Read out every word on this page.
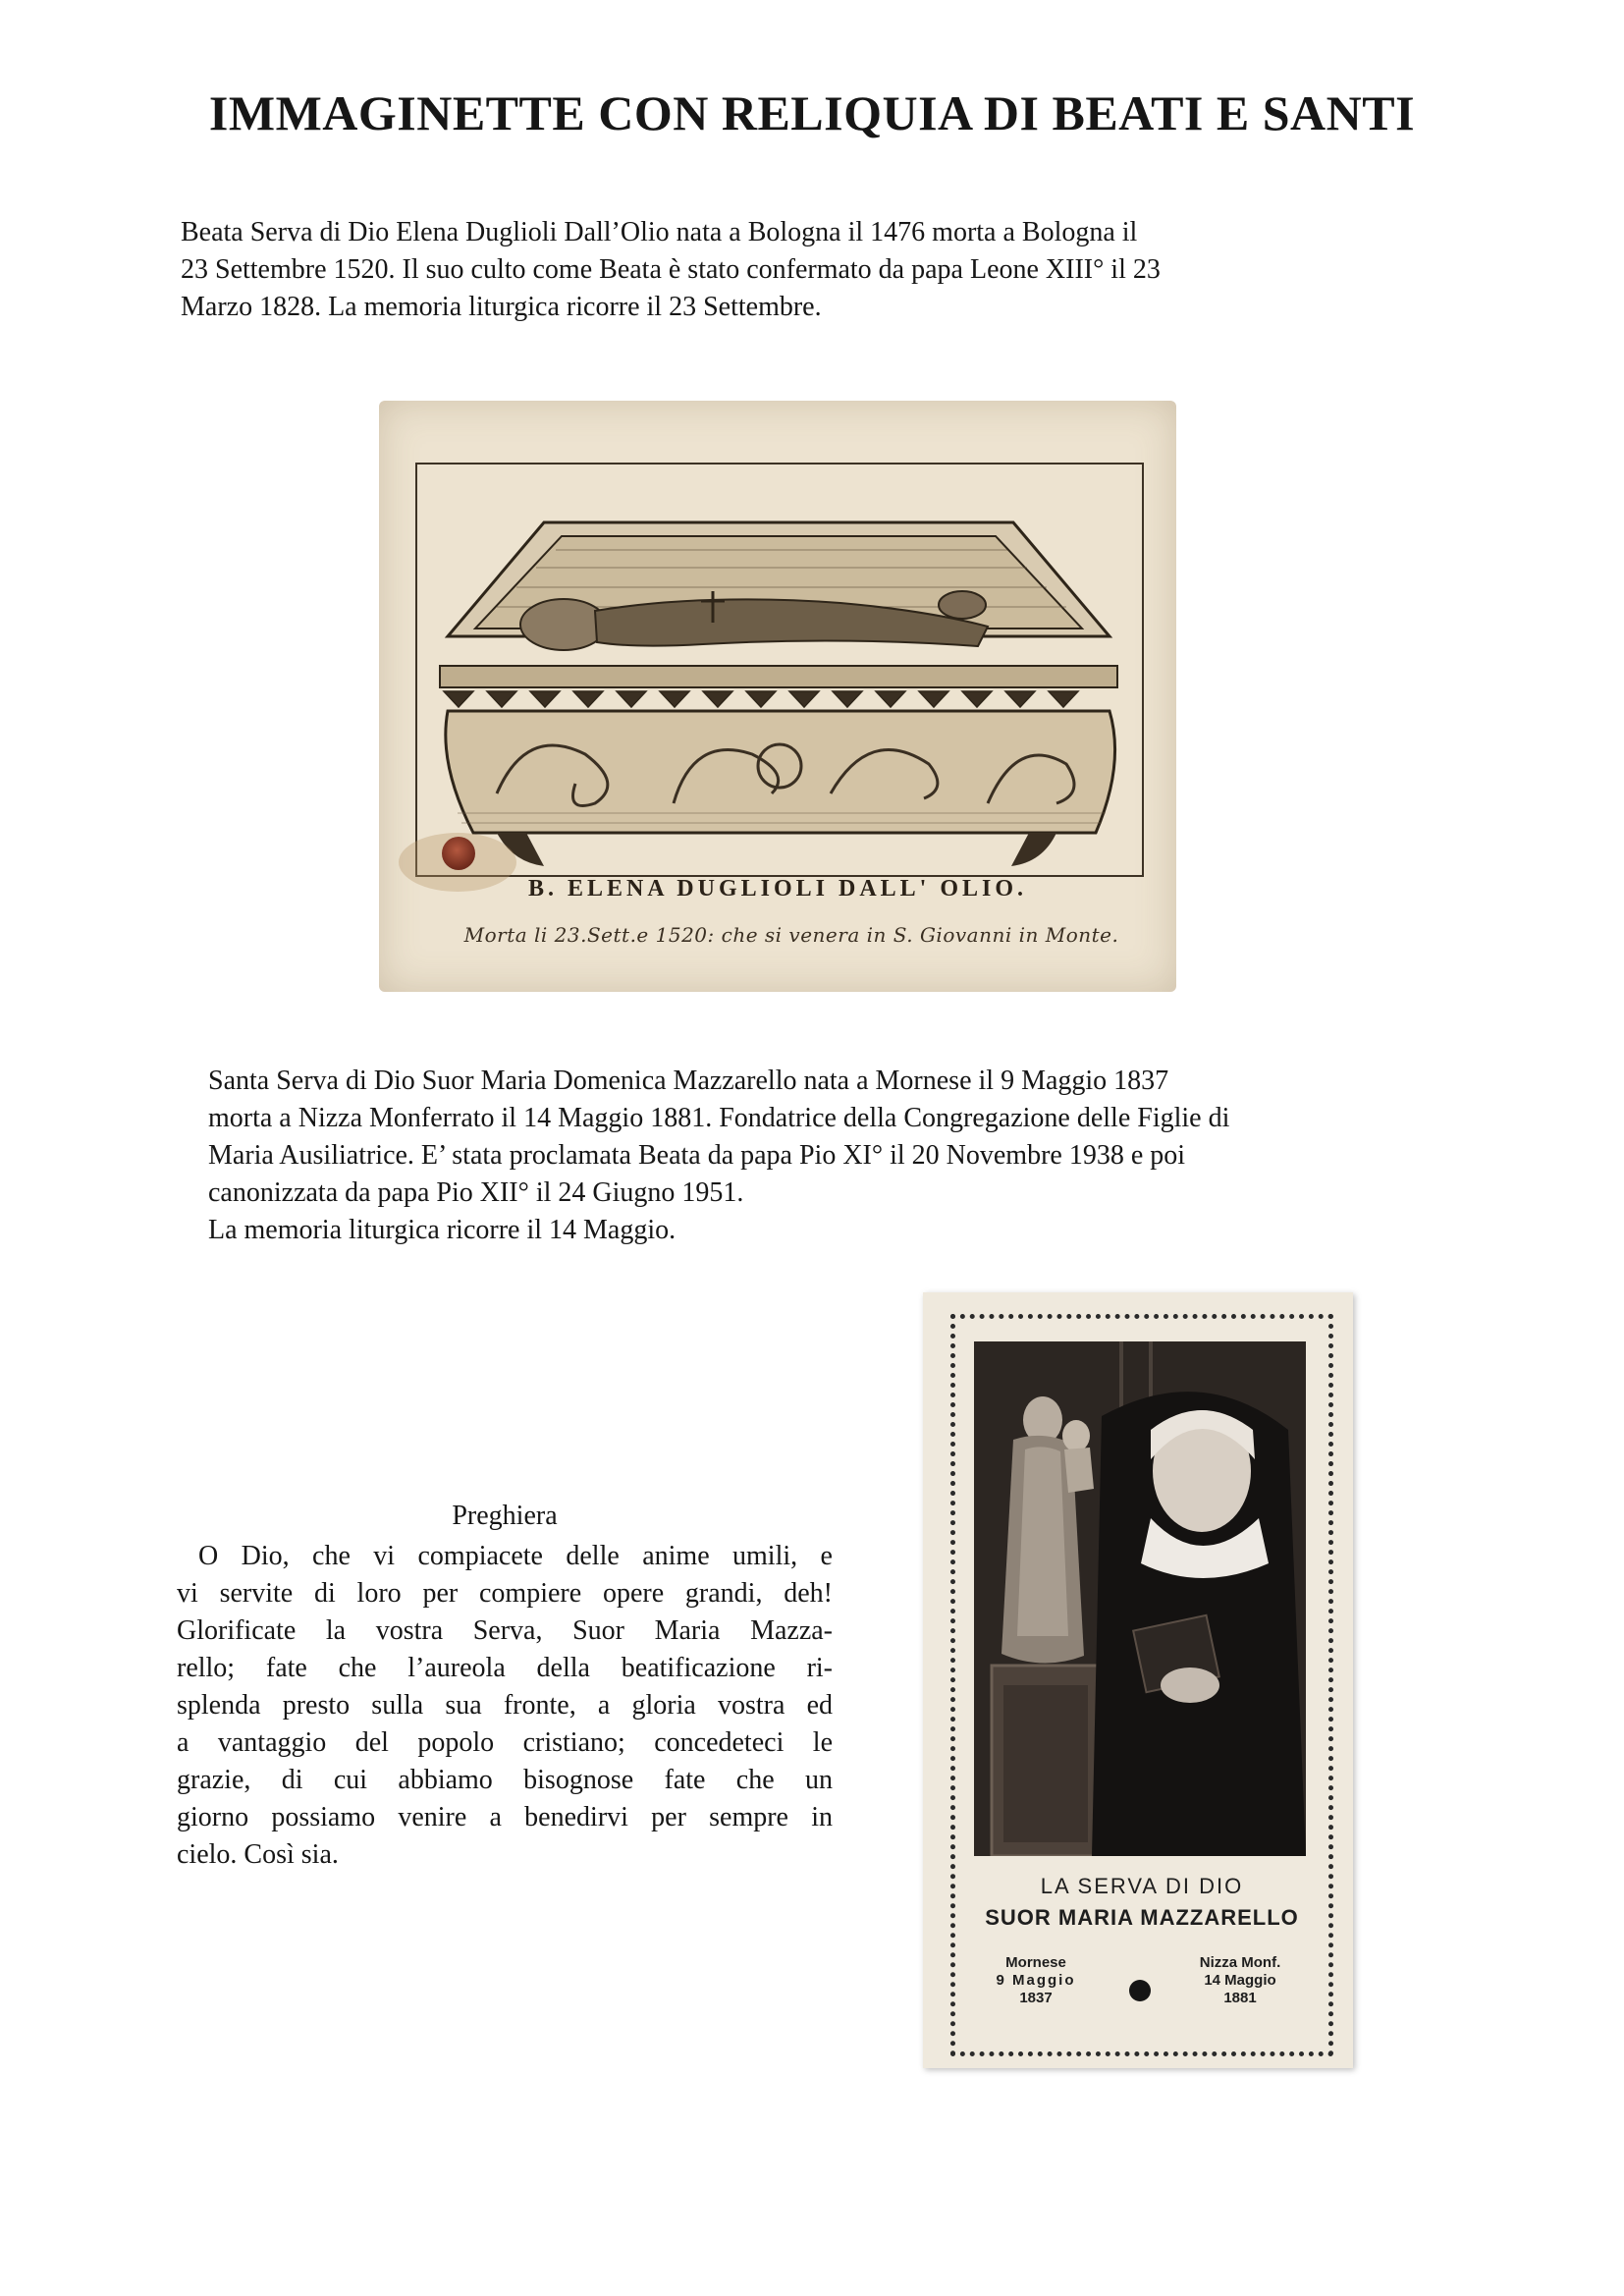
IMMAGINETTE CON RELIQUIA DI BEATI E SANTI

Beata Serva di Dio Elena Duglioli Dall’Olio nata a Bologna il 1476 morta a Bologna il
23 Settembre 1520. Il suo culto come Beata è stato confermato da papa Leone XIII° il 23
Marzo 1828. La memoria liturgica ricorre il 23 Settembre.

B. ELENA DUGLIOLI DALL' OLIO.
Morta li 23.Sett.e 1520: che si venera in S. Giovanni in Monte.

Santa Serva di Dio Suor Maria Domenica Mazzarello nata a Mornese il 9 Maggio 1837
morta a Nizza Monferrato il 14 Maggio 1881. Fondatrice della Congregazione delle Figlie di
Maria Ausiliatrice. E’ stata proclamata Beata da papa Pio XI° il 20 Novembre 1938 e poi
canonizzata da papa Pio XII° il 24 Giugno 1951.
La memoria liturgica ricorre il 14 Maggio.

Preghiera

O Dio, che vi compiacete delle anime umili, e
vi servite di loro per compiere opere grandi, deh!
Glorificate la vostra Serva, Suor Maria Mazza-
rello; fate che l’aureola della beatificazione ri-
splenda presto sulla sua fronte, a gloria vostra ed
a vantaggio del popolo cristiano; concedeteci le
grazie, di cui abbiamo bisognose fate che un
giorno possiamo venire a benedirvi per sempre in
cielo. Così sia.

LA SERVA DI DIO
SUOR MARIA MAZZARELLO
Mornese
9 Maggio
1837
Nizza Monf.
14 Maggio
1881
